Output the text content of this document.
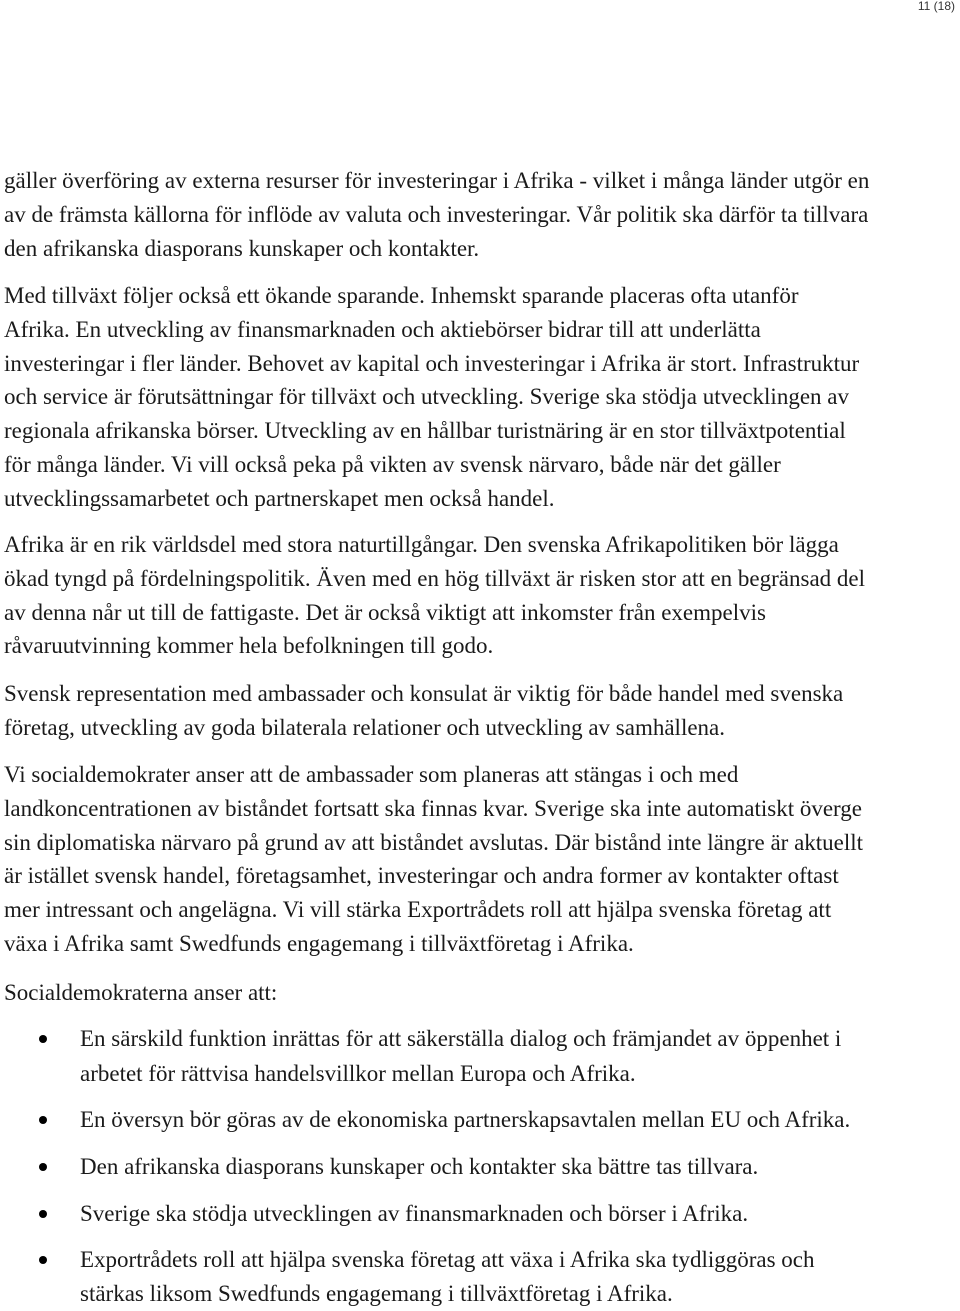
11 (18)
gäller överföring av externa resurser för investeringar i Afrika - vilket i många länder utgör en
av de främsta källorna för inflöde av valuta och investeringar. Vår politik ska därför ta tillvara
den afrikanska diasporans kunskaper och kontakter.
Med tillväxt följer också ett ökande sparande. Inhemskt sparande placeras ofta utanför
Afrika. En utveckling av finansmarknaden och aktiebörser bidrar till att underlätta
investeringar i fler länder. Behovet av kapital och investeringar i Afrika är stort. Infrastruktur
och service är förutsättningar för tillväxt och utveckling. Sverige ska stödja utvecklingen av
regionala afrikanska börser. Utveckling av en hållbar turistnäring är en stor tillväxtpotential
för många länder. Vi vill också peka på vikten av svensk närvaro, både när det gäller
utvecklingssamarbetet och partnerskapet men också handel.
Afrika är en rik världsdel med stora naturtillgångar. Den svenska Afrikapolitiken bör lägga
ökad tyngd på fördelningspolitik. Även med en hög tillväxt är risken stor att en begränsad del
av denna når ut till de fattigaste. Det är också viktigt att inkomster från exempelvis
råvaruutvinning kommer hela befolkningen till godo.
Svensk representation med ambassader och konsulat är viktig för både handel med svenska
företag, utveckling av goda bilaterala relationer och utveckling av samhällena.
Vi socialdemokrater anser att de ambassader som planeras att stängas i och med
landkoncentrationen av biståndet fortsatt ska finnas kvar. Sverige ska inte automatiskt överge
sin diplomatiska närvaro på grund av att biståndet avslutas. Där bistånd inte längre är aktuellt
är istället svensk handel, företagsamhet, investeringar och andra former av kontakter oftast
mer intressant och angelägna. Vi vill stärka Exportrådets roll att hjälpa svenska företag att
växa i Afrika samt Swedfunds engagemang i tillväxtföretag i Afrika.
Socialdemokraterna anser att:
En särskild funktion inrättas för att säkerställa dialog och främjandet av öppenhet i
arbetet för rättvisa handelsvillkor mellan Europa och Afrika.
En översyn bör göras av de ekonomiska partnerskapsavtalen mellan EU och Afrika.
Den afrikanska diasporans kunskaper och kontakter ska bättre tas tillvara.
Sverige ska stödja utvecklingen av finansmarknaden och börser i Afrika.
Exportrådets roll att hjälpa svenska företag att växa i Afrika ska tydliggöras och
stärkas liksom Swedfunds engagemang i tillväxtföretag i Afrika.
